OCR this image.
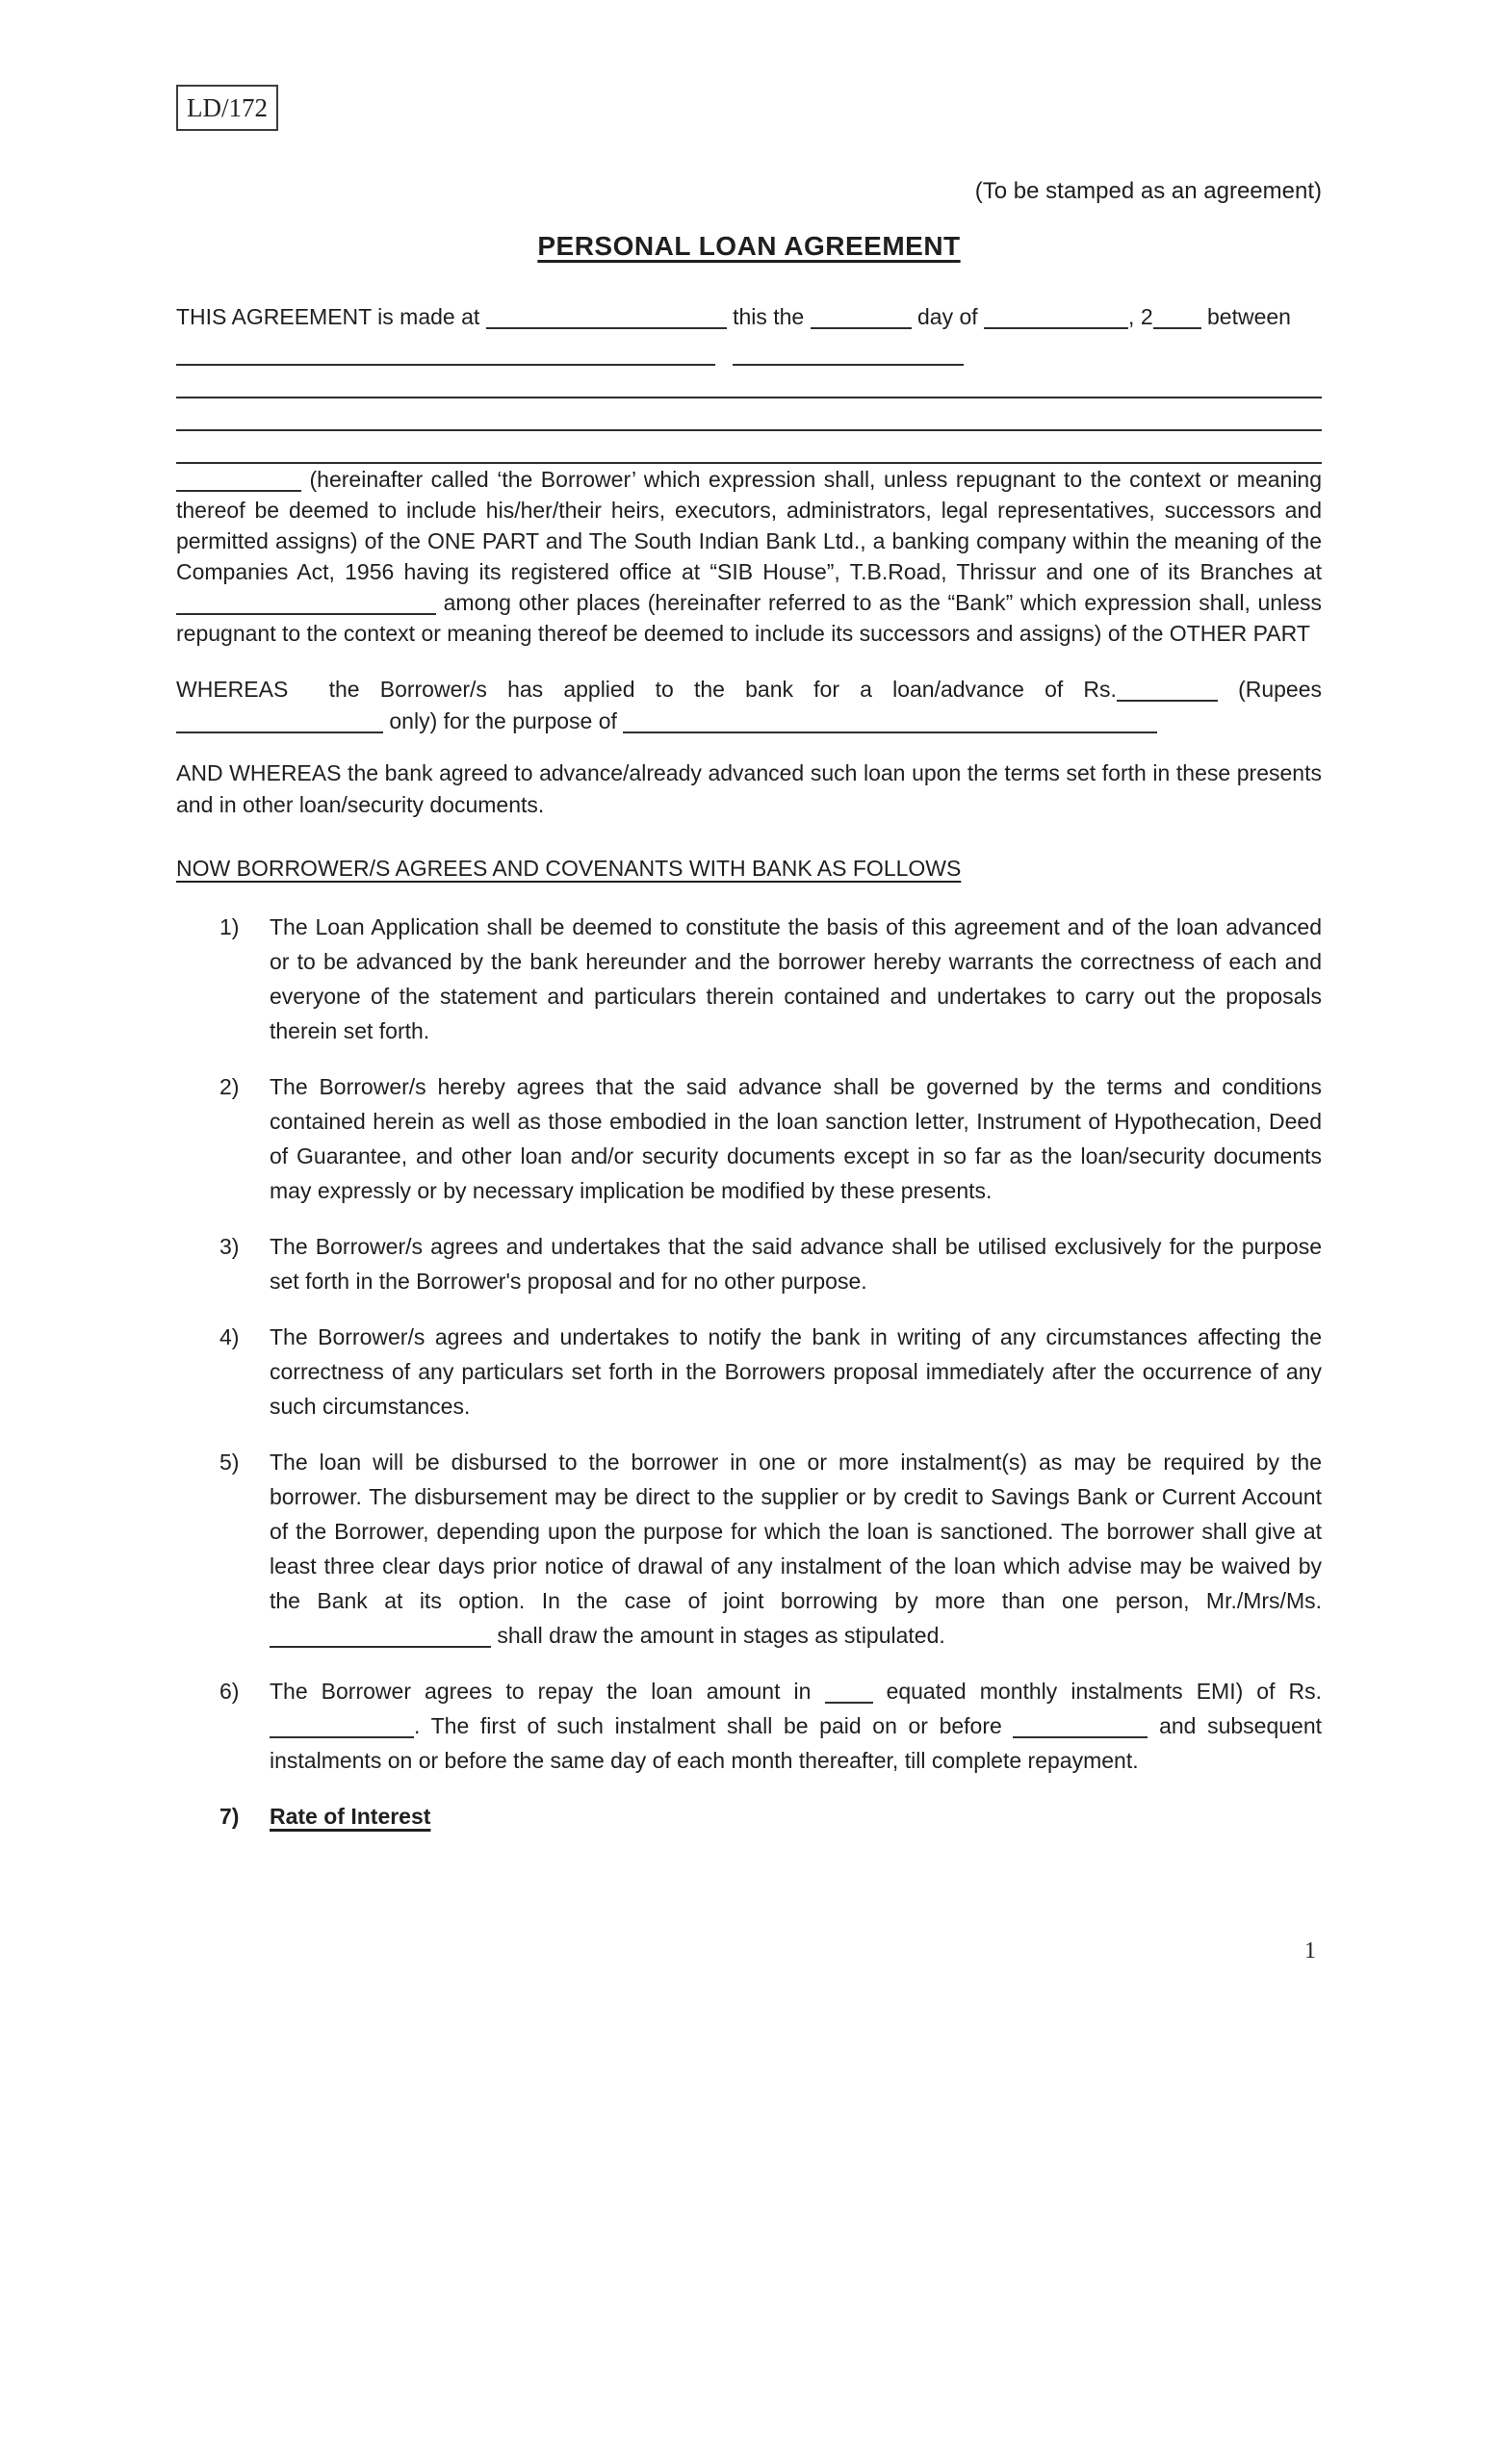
LD/172
(To be stamped as an agreement)
PERSONAL LOAN AGREEMENT
THIS AGREEMENT is made at	this the	day of	, 2 between

(hereinafter called ‘the Borrower’ which expression shall, unless repugnant to the context or meaning thereof be deemed to include his/her/their heirs, executors, administrators, legal representatives, successors and permitted assigns) of the ONE PART and The South Indian Bank Ltd., a banking company within the meaning of the Companies Act, 1956 having its registered office at “SIB House”, T.B.Road, Thrissur and one of its Branches at  among other places (hereinafter referred to as the “Bank” which expression shall, unless repugnant to the context or meaning thereof be deemed to include its successors and assigns) of the OTHER PART

WHEREAS  the Borrower/s has applied to the bank for a loan/advance of Rs.	(Rupees  only) for the purpose of

AND WHEREAS the bank agreed to advance/already advanced such loan upon the terms set forth in these presents and in other loan/security documents.

NOW BORROWER/S AGREES AND COVENANTS WITH BANK AS FOLLOWS
1) The Loan Application shall be deemed to constitute the basis of this agreement and of the loan advanced or to be advanced by the bank hereunder and the borrower hereby warrants the correctness of each and everyone of the statement and particulars therein contained and undertakes to carry out the proposals therein set forth.

2) The Borrower/s hereby agrees that the said advance shall be governed by the terms and conditions contained herein as well as those embodied in the loan sanction letter, Instrument of Hypothecation, Deed of Guarantee, and other loan and/or security documents except in so far as the loan/security documents may expressly or by necessary implication be modified by these presents.

3) The Borrower/s agrees and undertakes that the said advance shall be utilised exclusively for the purpose set forth in the Borrower's proposal and for no other purpose.

4) The Borrower/s agrees and undertakes to notify the bank in writing of any circumstances affecting the correctness of any particulars set forth in the Borrowers proposal immediately after the occurrence of any such circumstances.

5) The loan will be disbursed to the borrower in one or more instalment(s) as may be required by the borrower. The disbursement may be direct to the supplier or by credit to Savings Bank or Current Account of the Borrower, depending upon the purpose for which the loan is sanctioned. The borrower shall give at least three clear days prior notice of drawal of any instalment of the loan which advise may be waived by the Bank at its option. In the case of joint borrowing by more than one person, Mr./Mrs/Ms. shall draw the amount in stages as stipulated.

6) The Borrower agrees to repay the loan amount in	equated monthly instalments EMI) of Rs.. The first of such instalment shall be paid on or before	and subsequent instalments on or before the same day of each month thereafter, till complete repayment.

7) Rate of Interest

1
